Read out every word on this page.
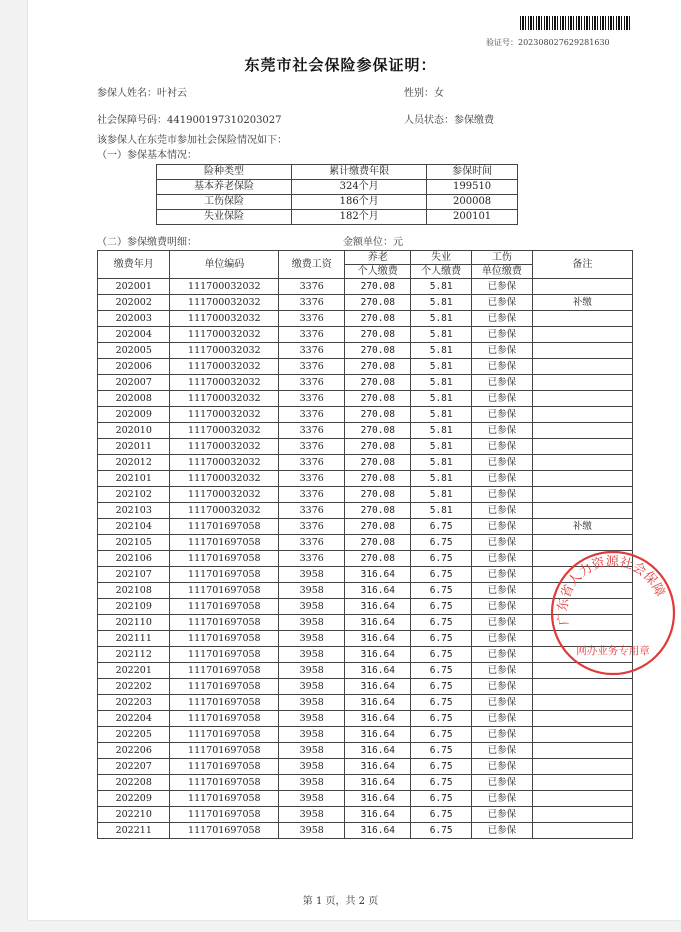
验证号：2023080276292816​30
东莞市社会保险参保证明：
参保人姓名：叶衬云	性别：女
社会保障号码：441900197310203027	人员状态：参保缴费
该参保人在东莞市参加社会保险情况如下：
（一）参保基本情况：
险种类型	累计缴费年限	参保时间
基本养老保险	324个月	199510
工伤保险	186个月	200008
失业保险	182个月	200101
（二）参保缴费明细：	金额单位：元
缴费年月	单位编码	缴费工资	养老	失业	工伤	备注
			个人缴费	个人缴费	单位缴费	
202001	111700032032	3376	270.08	5.81	已参保	
202002	111700032032	3376	270.08	5.81	已参保	补缴
202003	111700032032	3376	270.08	5.81	已参保	
202004	111700032032	3376	270.08	5.81	已参保	
202005	111700032032	3376	270.08	5.81	已参保	
202006	111700032032	3376	270.08	5.81	已参保	
202007	111700032032	3376	270.08	5.81	已参保	
202008	111700032032	3376	270.08	5.81	已参保	
202009	111700032032	3376	270.08	5.81	已参保	
202010	111700032032	3376	270.08	5.81	已参保	
202011	111700032032	3376	270.08	5.81	已参保	
202012	111700032032	3376	270.08	5.81	已参保	
202101	111700032032	3376	270.08	5.81	已参保	
202102	111700032032	3376	270.08	5.81	已参保	
202103	111700032032	3376	270.08	5.81	已参保	
202104	111701697058	3376	270.08	6.75	已参保	补缴
202105	111701697058	3376	270.08	6.75	已参保	
202106	111701697058	3376	270.08	6.75	已参保	
202107	111701697058	3958	316.64	6.75	已参保	
202108	111701697058	3958	316.64	6.75	已参保	
202109	111701697058	3958	316.64	6.75	已参保	
202110	111701697058	3958	316.64	6.75	已参保	
202111	111701697058	3958	316.64	6.75	已参保	
202112	111701697058	3958	316.64	6.75	已参保	
202201	111701697058	3958	316.64	6.75	已参保	
202202	111701697058	3958	316.64	6.75	已参保	
202203	111701697058	3958	316.64	6.75	已参保	
202204	111701697058	3958	316.64	6.75	已参保	
202205	111701697058	3958	316.64	6.75	已参保	
202206	111701697058	3958	316.64	6.75	已参保	
202207	111701697058	3958	316.64	6.75	已参保	
202208	111701697058	3958	316.64	6.75	已参保	
202209	111701697058	3958	316.64	6.75	已参保	
202210	111701697058	3958	316.64	6.75	已参保	
202211	111701697058	3958	316.64	6.75	已参保	
广东省人力资源社会保障
网办业务专用章
第 1 页，共 2 页
